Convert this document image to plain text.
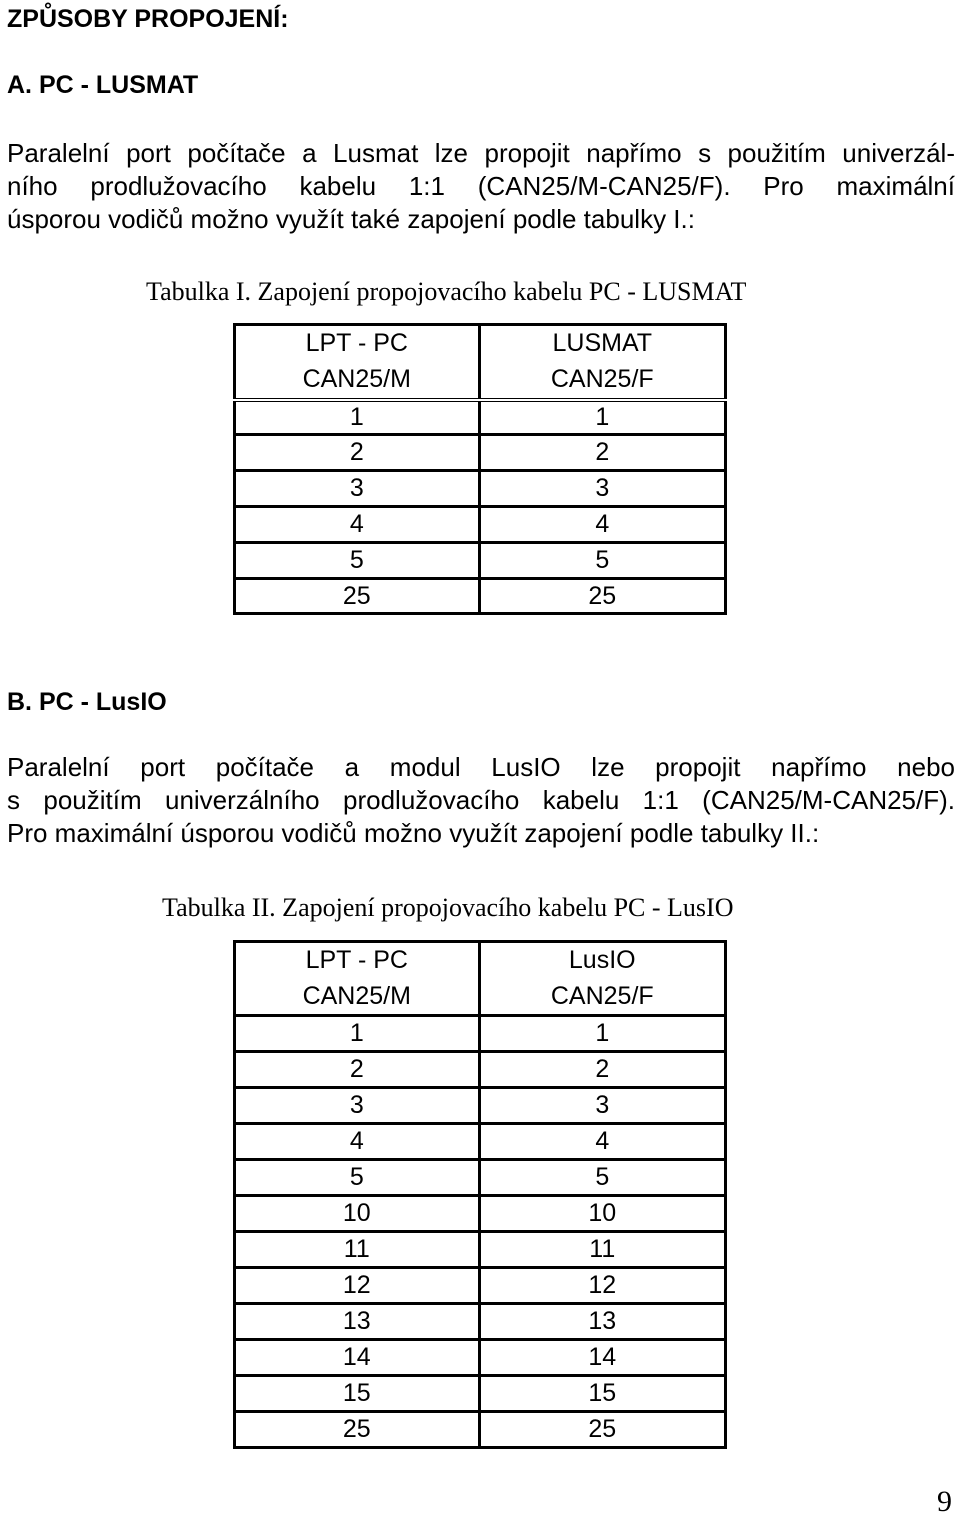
ZPŮSOBY PROPOJENÍ:
A. PC - LUSMAT
Paralelní port počítače a Lusmat lze propojit napřímo s použitím univerzál-
ního prodlužovacího kabelu 1:1 (CAN25/M-CAN25/F). Pro maximální
úsporou vodičů možno využít také zapojení podle tabulky I.:
Tabulka I. Zapojení propojovacího kabelu PC - LUSMAT
LPT - PC	LUSMAT
CAN25/M	CAN25/F
1	1
2	2
3	3
4	4
5	5
25	25
B. PC - LusIO
Paralelní port počítače a modul LusIO lze propojit napřímo nebo
s použitím univerzálního prodlužovacího kabelu 1:1 (CAN25/M-CAN25/F).
Pro maximální úsporou vodičů možno využít zapojení podle tabulky II.:
Tabulka II. Zapojení propojovacího kabelu PC - LusIO
LPT - PC	LusIO
CAN25/M	CAN25/F
1	1
2	2
3	3
4	4
5	5
10	10
11	11
12	12
13	13
14	14
15	15
25	25
9
